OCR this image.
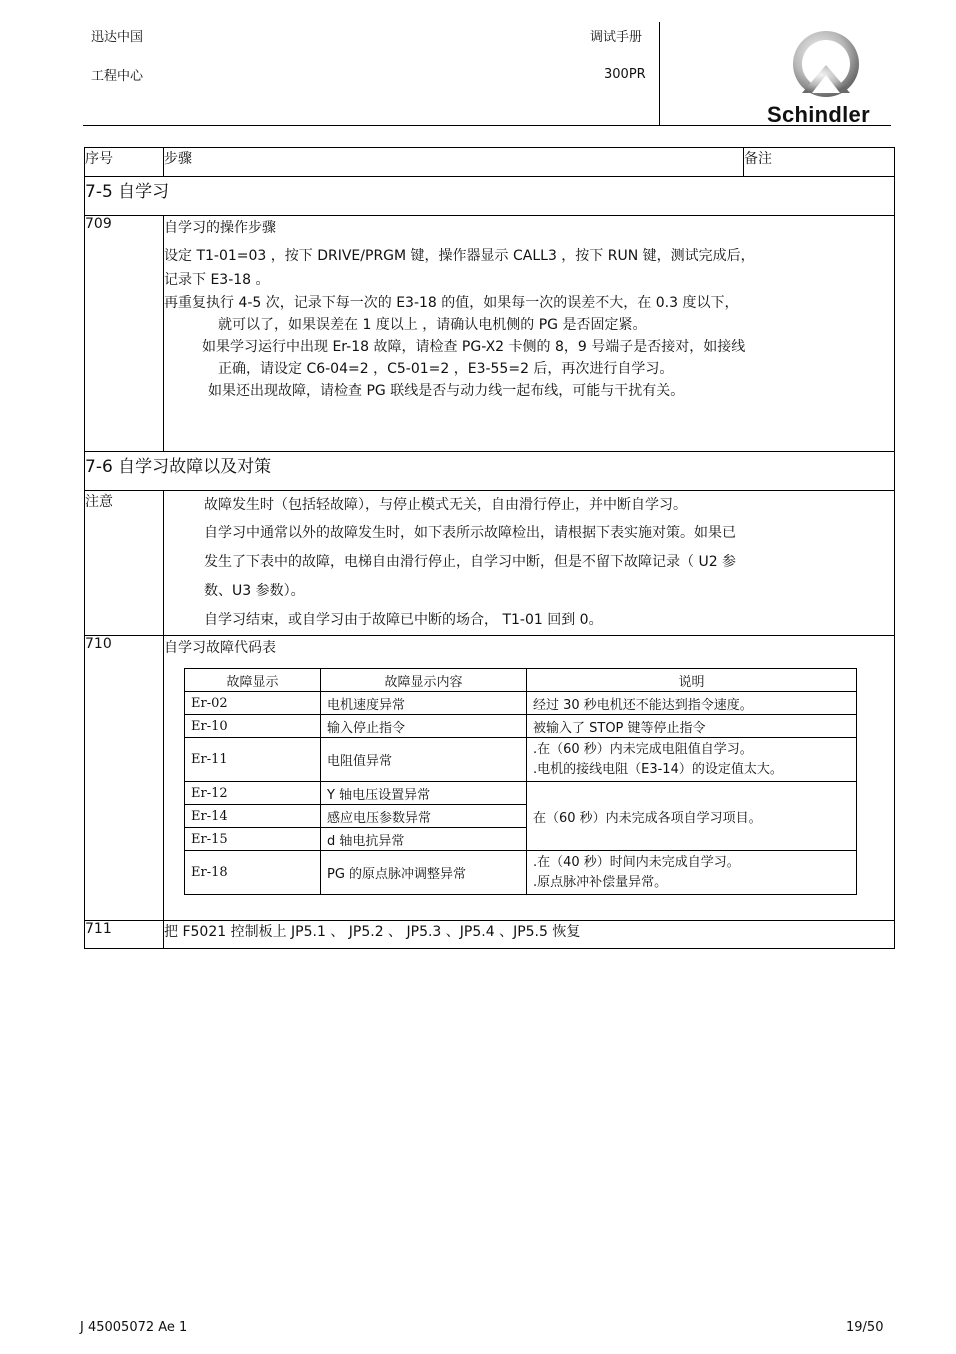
迅达中国
工程中心
调试手册
300PR
Schindler
序号	步骤	备注
7-5 自学习
709	自学习的操作步骤

设定 T1-01=03 ，按下 DRIVE/PRGM 键，操作器显示 CALL3 ，按下 RUN 键，测试完成后，

记录下 E3-18 。

再重复执行 4-5 次，记录下每一次的 E3-18 的值，如果每一次的误差不大，在 0.3 度以下，

就可以了，如果误差在 1 度以上 ，请确认电机侧的 PG 是否固定紧。

如果学习运行中出现 Er-18 故障，请检查 PG-X2 卡侧的 8，9 号端子是否接对，如接线

正确，请设定 C6-04=2 ，C5-01=2 ，E3-55=2 后，再次进行自学习。

如果还出现故障，请检查 PG 联线是否与动力线一起布线，可能与干扰有关。

7-6 自学习故障以及对策
注意	故障发生时（包括轻故障），与停止模式无关，自由滑行停止，并中断自学习。

自学习中通常以外的故障发生时，如下表所示故障检出，请根据下表实施对策。如果已

发生了下表中的故障，电梯自由滑行停止，自学习中断，但是不留下故障记录（ U2 参

数、U3 参数）。

自学习结束，或自学习由于故障已中断的场合， T1-01 回到 0。

710	自学习故障代码表

故障显示	故障显示内容	说明
Er-02	电机速度异常	经过 30 秒电机还不能达到指令速度。
Er-10	输入停止指令	被输入了 STOP 键等停止指令
Er-11	电阻值异常	.在（60 秒）内未完成电阻值自学习。
.电机的接线电阻（E3-14）的设定值太大。
Er-12	Y 轴电压设置异常	在（60 秒）内未完成各项自学习项目。
Er-14	感应电压参数异常
Er-15	d 轴电抗异常
Er-18	PG 的原点脉冲调整异常	.在（40 秒）时间内未完成自学习。
.原点脉冲补偿量异常。

711	把 F5021 控制板上 JP5.1 、 JP5.2 、 JP5.3 、JP5.4 、JP5.5 恢复
J 45005072 Ae 1	19/50
